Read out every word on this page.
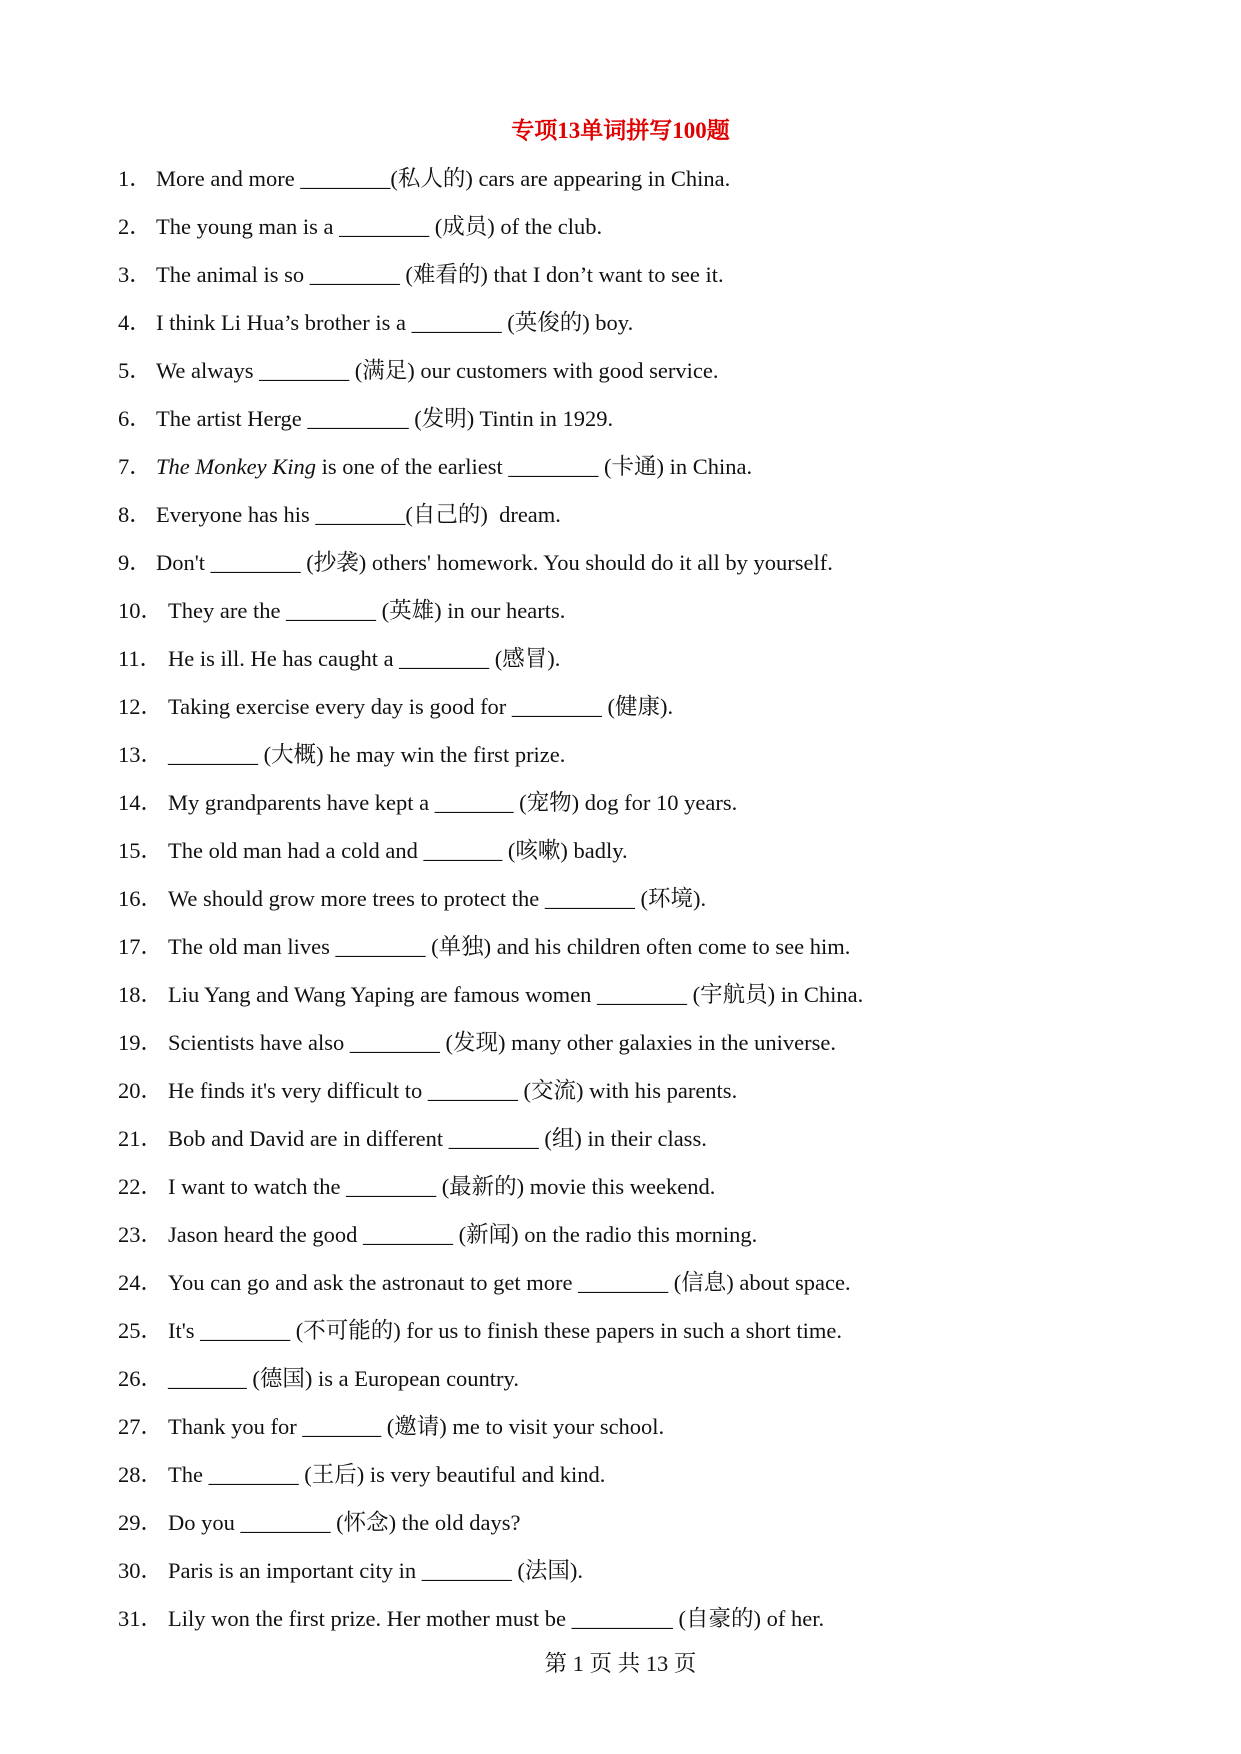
专项13单词拼写100题
1． More and more ________(私人的) cars are appearing in China.
2． The young man is a ________ (成员) of the club.
3． The animal is so ________ (难看的) that I don’t want to see it.
4． I think Li Hua’s brother is a ________ (英俊的) boy.
5． We always ________ (满足) our customers with good service.
6． The artist Herge _________ (发明) Tintin in 1929.
7． The Monkey King is one of the earliest ________ (卡通) in China.
8． Everyone has his ________(自己的)  dream.
9． Don't ________ (抄袭) others' homework. You should do it all by yourself.
10． They are the ________ (英雄) in our hearts.
11． He is ill. He has caught a ________ (感冒).
12． Taking exercise every day is good for ________ (健康).
13． ________ (大概) he may win the first prize.
14． My grandparents have kept a _______ (宠物) dog for 10 years.
15． The old man had a cold and _______ (咳嗽) badly.
16． We should grow more trees to protect the ________ (环境).
17． The old man lives ________ (单独) and his children often come to see him.
18． Liu Yang and Wang Yaping are famous women ________ (宇航员) in China.
19． Scientists have also ________ (发现) many other galaxies in the universe.
20． He finds it's very difficult to ________ (交流) with his parents.
21． Bob and David are in different ________ (组) in their class.
22． I want to watch the ________ (最新的) movie this weekend.
23． Jason heard the good ________ (新闻) on the radio this morning.
24． You can go and ask the astronaut to get more ________ (信息) about space.
25． It's ________ (不可能的) for us to finish these papers in such a short time.
26． _______ (德国) is a European country.
27． Thank you for _______ (邀请) me to visit your school.
28． The ________ (王后) is very beautiful and kind.
29． Do you ________ (怀念) the old days?
30． Paris is an important city in ________ (法国).
31． Lily won the first prize. Her mother must be _________ (自豪的) of her.
第 1 页 共 13 页
